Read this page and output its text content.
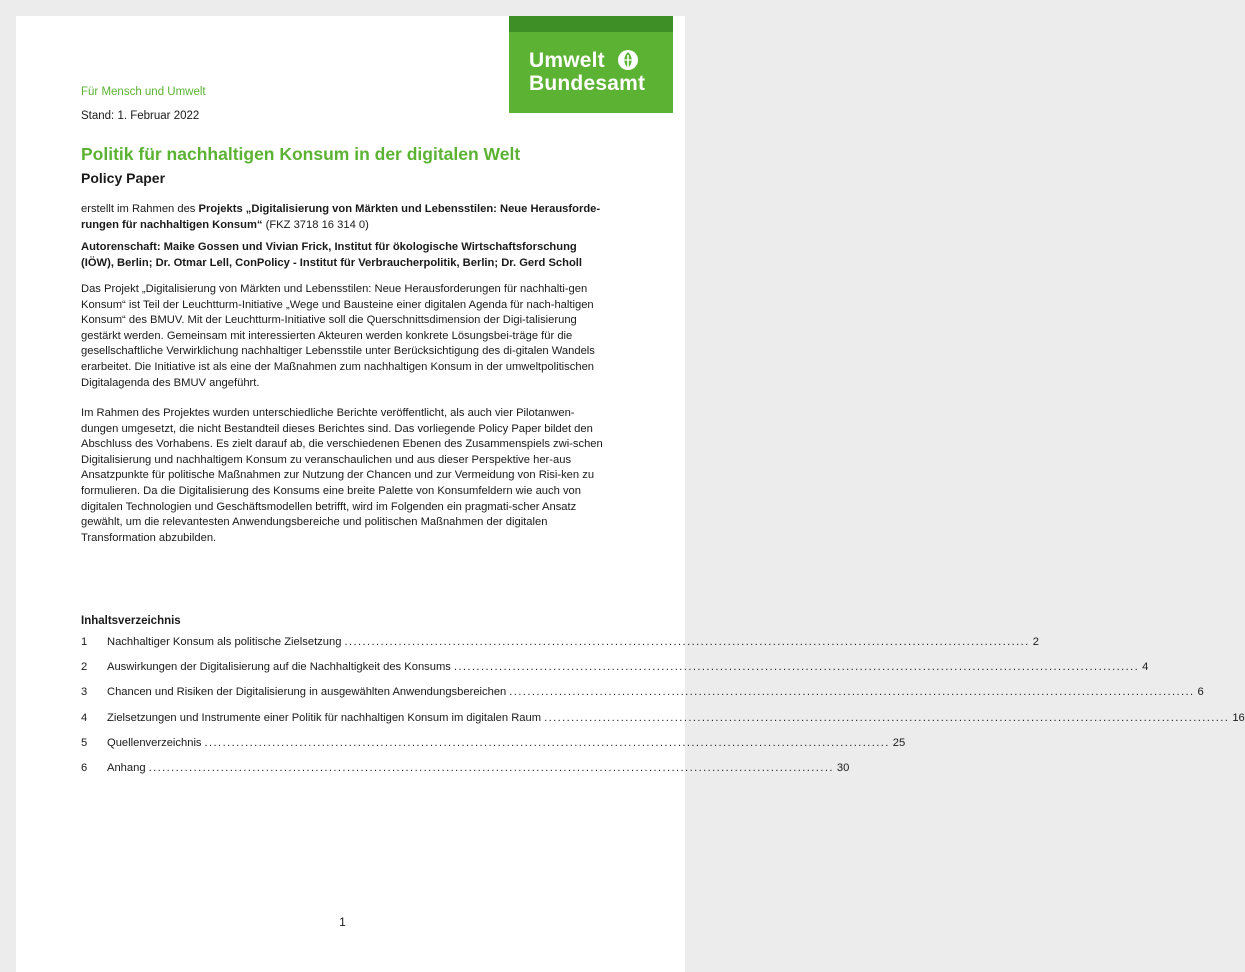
Umwelt
Bundesamt
Für Mensch und Umwelt
Stand: 1. Februar 2022
Politik für nachhaltigen Konsum in der digitalen Welt
Policy Paper
erstellt im Rahmen des Projekts „Digitalisierung von Märkten und Lebensstilen: Neue Herausforde-rungen für nachhaltigen Konsum“ (FKZ 3718 16 314 0)
Autorenschaft: Maike Gossen und Vivian Frick, Institut für ökologische Wirtschaftsforschung (IÖW), Berlin; Dr. Otmar Lell, ConPolicy - Institut für Verbraucherpolitik, Berlin; Dr. Gerd Scholl
Das Projekt „Digitalisierung von Märkten und Lebensstilen: Neue Herausforderungen für nachhalti-gen Konsum“ ist Teil der Leuchtturm-Initiative „Wege und Bausteine einer digitalen Agenda für nach-haltigen Konsum“ des BMUV. Mit der Leuchtturm-Initiative soll die Querschnittsdimension der Digi-talisierung gestärkt werden. Gemeinsam mit interessierten Akteuren werden konkrete Lösungsbei-träge für die gesellschaftliche Verwirklichung nachhaltiger Lebensstile unter Berücksichtigung des di-gitalen Wandels erarbeitet. Die Initiative ist als eine der Maßnahmen zum nachhaltigen Konsum in der umweltpolitischen Digitalagenda des BMUV angeführt.
Im Rahmen des Projektes wurden unterschiedliche Berichte veröffentlicht, als auch vier Pilotanwen-dungen umgesetzt, die nicht Bestandteil dieses Berichtes sind. Das vorliegende Policy Paper bildet den Abschluss des Vorhabens. Es zielt darauf ab, die verschiedenen Ebenen des Zusammenspiels zwi-schen Digitalisierung und nachhaltigem Konsum zu veranschaulichen und aus dieser Perspektive her-aus Ansatzpunkte für politische Maßnahmen zur Nutzung der Chancen und zur Vermeidung von Risi-ken zu formulieren. Da die Digitalisierung des Konsums eine breite Palette von Konsumfeldern wie auch von digitalen Technologien und Geschäftsmodellen betrifft, wird im Folgenden ein pragmati-scher Ansatz gewählt, um die relevantesten Anwendungsbereiche und politischen Maßnahmen der digitalen Transformation abzubilden.
Inhaltsverzeichnis
1	Nachhaltiger Konsum als politische Zielsetzung ........................................................................................................................................................ 2
2	Auswirkungen der Digitalisierung auf die Nachhaltigkeit des Konsums ........................................................................................................................................................ 4
3	Chancen und Risiken der Digitalisierung in ausgewählten Anwendungsbereichen ........................................................................................................................................................ 6
4	Zielsetzungen und Instrumente einer Politik für nachhaltigen Konsum im digitalen Raum ........................................................................................................................................................ 16
5	Quellenverzeichnis ........................................................................................................................................................ 25
6	Anhang ........................................................................................................................................................ 30
1
